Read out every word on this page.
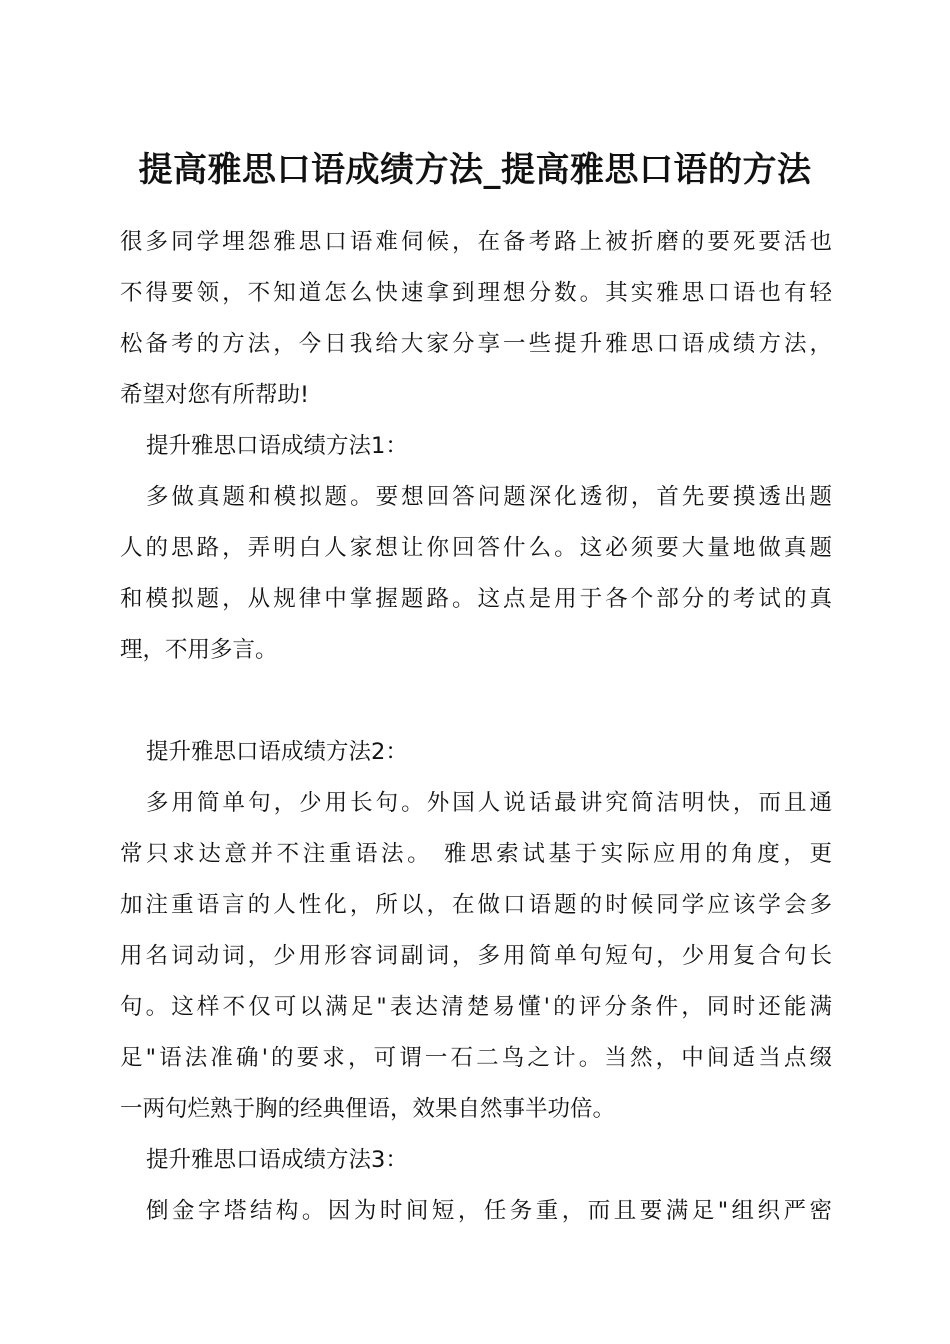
提高雅思口语成绩方法_提高雅思口语的方法
很多同学埋怨雅思口语难伺候，在备考路上被折磨的要死要活也
不得要领，不知道怎么快速拿到理想分数。其实雅思口语也有轻
松备考的方法，今日我给大家分享一些提升雅思口语成绩方法，
希望对您有所帮助!
提升雅思口语成绩方法1：
多做真题和模拟题。要想回答问题深化透彻，首先要摸透出题
人的思路，弄明白人家想让你回答什么。这必须要大量地做真题
和模拟题，从规律中掌握题路。这点是用于各个部分的考试的真
理，不用多言。
提升雅思口语成绩方法2：
多用简单句，少用长句。外国人说话最讲究简洁明快，而且通
常只求达意并不注重语法。 雅思索试基于实际应用的角度，更
加注重语言的人性化，所以，在做口语题的时候同学应该学会多
用名词动词，少用形容词副词，多用简单句短句，少用复合句长
句。这样不仅可以满足"表达清楚易懂'的评分条件，同时还能满
足"语法准确'的要求，可谓一石二鸟之计。当然，中间适当点缀
一两句烂熟于胸的经典俚语，效果自然事半功倍。
提升雅思口语成绩方法3：
倒金字塔结构。因为时间短，任务重，而且要满足"组织严密
